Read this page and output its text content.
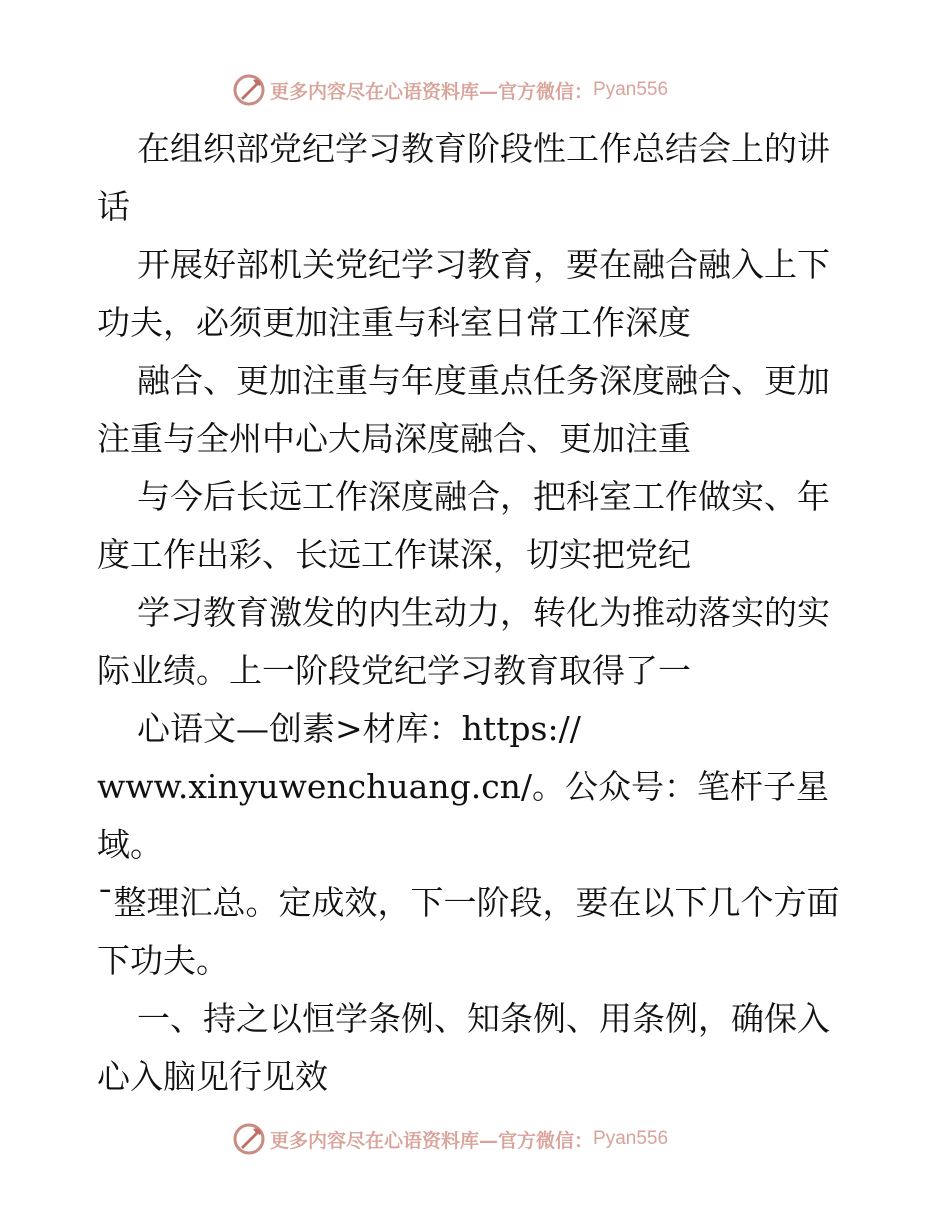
更多内容尽在心语资料库—官方微信： Pyan556

在组织部党纪学习教育阶段性工作总结会上的讲话

开展好部机关党纪学习教育，要在融合融入上下功夫，必须更加注重与科室日常工作深度

融合、更加注重与年度重点任务深度融合、更加注重与全州中心大局深度融合、更加注重

与今后长远工作深度融合，把科室工作做实、年度工作出彩、长远工作谋深，切实把党纪

学习教育激发的内生动力，转化为推动落实的实际业绩。上一阶段党纪学习教育取得了一

心语文—创素>材库：https://

www.xinyuwenchuang.cn/。公众号：笔杆子星域。

¯整理汇总。定成效，下一阶段，要在以下几个方面下功夫。

一、持之以恒学条例、知条例、用条例，确保入心入脑见行见效

更多内容尽在心语资料库—官方微信： Pyan556
